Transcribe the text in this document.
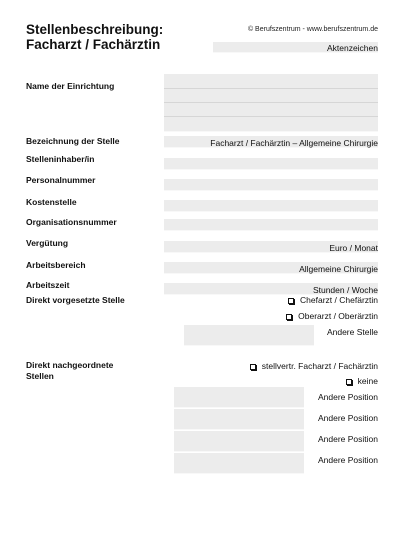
Stellenbeschreibung:
Facharzt / Fachärztin
© Berufszentrum - www.berufszentrum.de
Aktenzeichen
Name der Einrichtung
Bezeichnung der Stelle	Facharzt / Fachärztin – Allgemeine Chirurgie
Stelleninhaber/in
Personalnummer
Kostenstelle
Organisationsnummer
Vergütung	Euro / Monat
Arbeitsbereich	Allgemeine Chirurgie
Arbeitszeit	Stunden / Woche
Direkt vorgesetzte Stelle	Chefarzt / Chefärztin
Oberarzt / Oberärztin
Andere Stelle
Direkt nachgeordnete
Stellen
stellvertr. Facharzt / Fachärztin
keine
Andere Position
Andere Position
Andere Position
Andere Position
